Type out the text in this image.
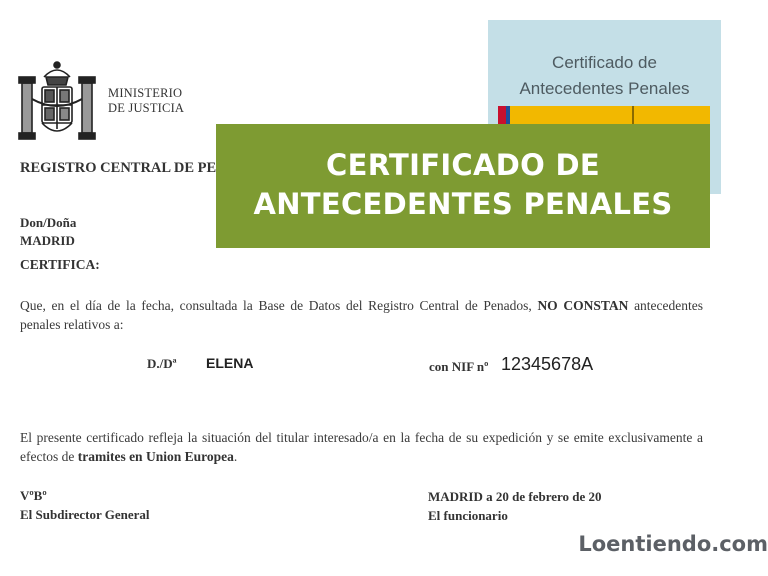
MINISTERIO
DE JUSTICIA
REGISTRO CENTRAL DE PE
Don/Doña
MADRID
CERTIFICA:
Que, en el día de la fecha, consultada la Base de Datos del Registro Central de Penados, NO CONSTAN antecedentes penales relativos a:
D./Dª ELENA	con NIF nº 12345678A
El presente certificado refleja la situación del titular interesado/a en la fecha de su expedición y se emite exclusivamente a efectos de tramites en Union Europea.
VºBº
El Subdirector General
MADRID a 20 de febrero de 20
El funcionario
Certificado de
Antecedentes Penales
CERTIFICADO DE
ANTECEDENTES PENALES
Loentiendo.com
